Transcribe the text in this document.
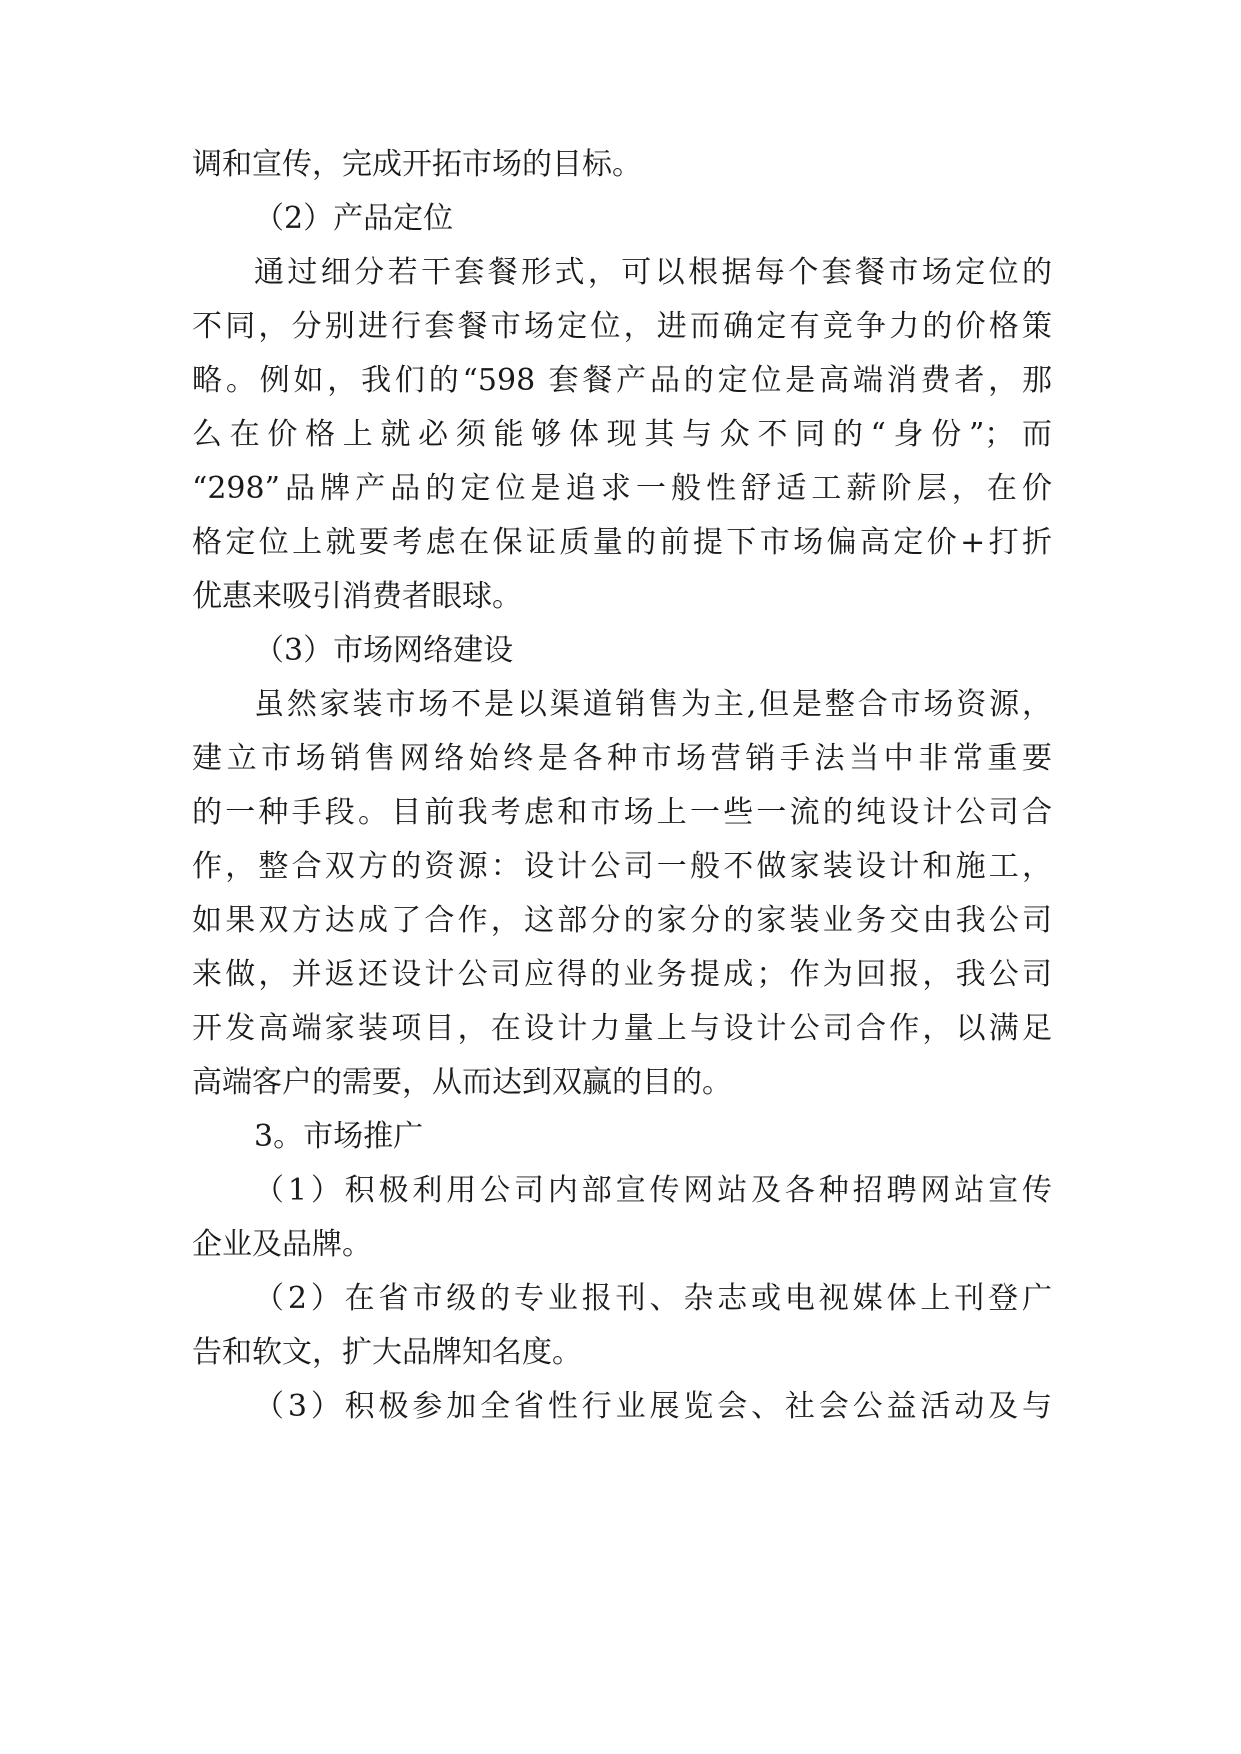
调和宣传，完成开拓市场的目标。
（2）产品定位
通过细分若干套餐形式，可以根据每个套餐市场定位的
不同，分别进行套餐市场定位，进而确定有竞争力的价格策
略。例如，我们的“598 套餐产品的定位是高端消费者，那
么在价格上就必须能够体现其与众不同的“身份”；而
“298”品牌产品的定位是追求一般性舒适工薪阶层，在价
格定位上就要考虑在保证质量的前提下市场偏高定价+打折
优惠来吸引消费者眼球。
（3）市场网络建设
虽然家装市场不是以渠道销售为主,但是整合市场资源，
建立市场销售网络始终是各种市场营销手法当中非常重要
的一种手段。目前我考虑和市场上一些一流的纯设计公司合
作，整合双方的资源：设计公司一般不做家装设计和施工，
如果双方达成了合作，这部分的家分的家装业务交由我公司
来做，并返还设计公司应得的业务提成；作为回报，我公司
开发高端家装项目，在设计力量上与设计公司合作，以满足
高端客户的需要，从而达到双赢的目的。
3。市场推广
（1）积极利用公司内部宣传网站及各种招聘网站宣传
企业及品牌。
（2）在省市级的专业报刊、杂志或电视媒体上刊登广
告和软文，扩大品牌知名度。
（3）积极参加全省性行业展览会、社会公益活动及与
